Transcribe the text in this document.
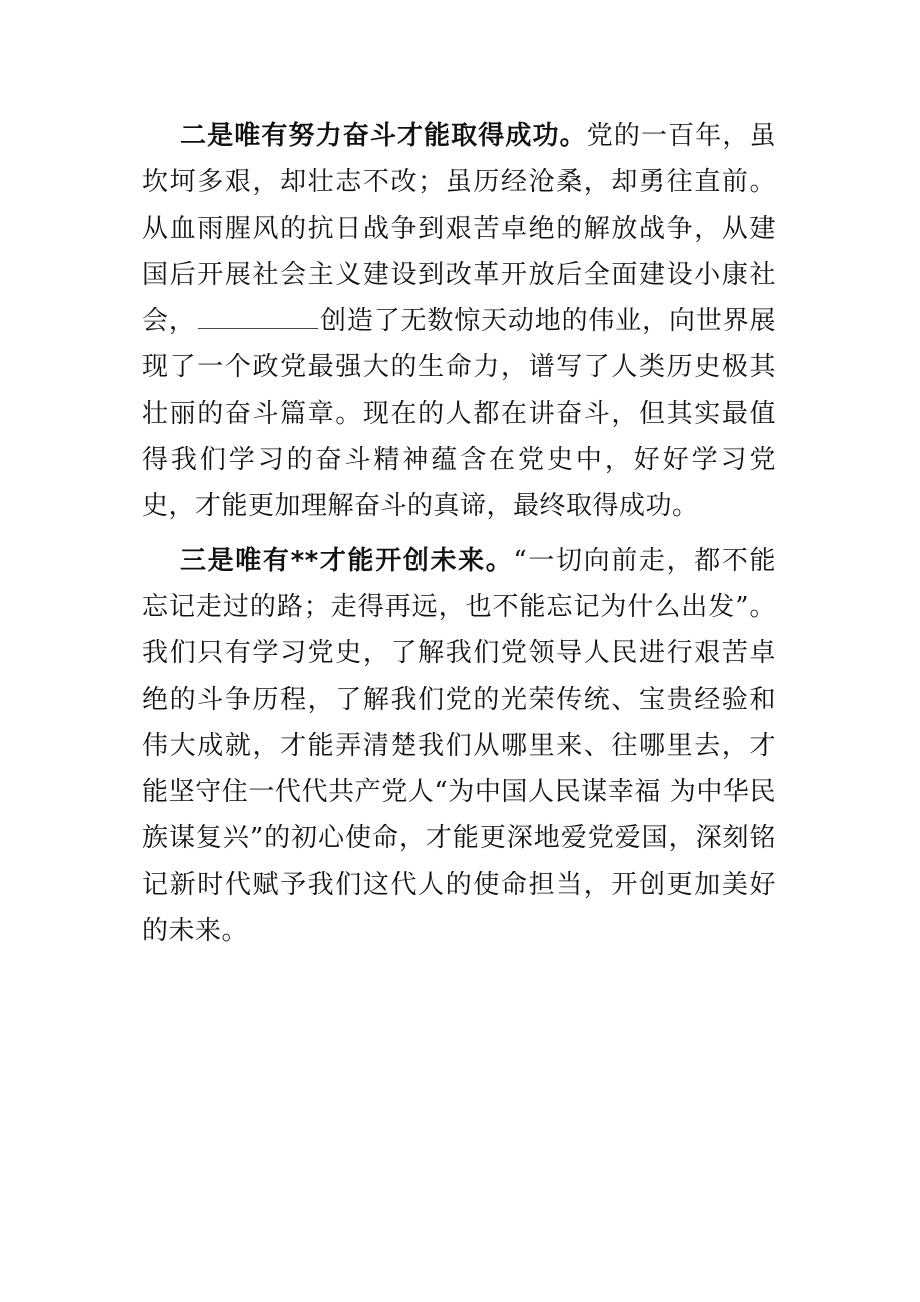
二是唯有努力奋斗才能取得成功。党的一百年，虽坎坷多艰，却壮志不改；虽历经沧桑，却勇往直前。从血雨腥风的抗日战争到艰苦卓绝的解放战争，从建国后开展社会主义建设到改革开放后全面建设小康社会，	创造了无数惊天动地的伟业，向世界展现了一个政党最强大的生命力，谱写了人类历史极其壮丽的奋斗篇章。现在的人都在讲奋斗，但其实最值得我们学习的奋斗精神蕴含在党史中，好好学习党史，才能更加理解奋斗的真谛，最终取得成功。

三是唯有**才能开创未来。“一切向前走，都不能忘记走过的路；走得再远，也不能忘记为什么出发”。我们只有学习党史，了解我们党领导人民进行艰苦卓绝的斗争历程，了解我们党的光荣传统、宝贵经验和伟大成就，才能弄清楚我们从哪里来、往哪里去，才能坚守住一代代共产党人“为中国人民谋幸福 为中华民族谋复兴”的初心使命，才能更深地爱党爱国，深刻铭记新时代赋予我们这代人的使命担当，开创更加美好的未来。
